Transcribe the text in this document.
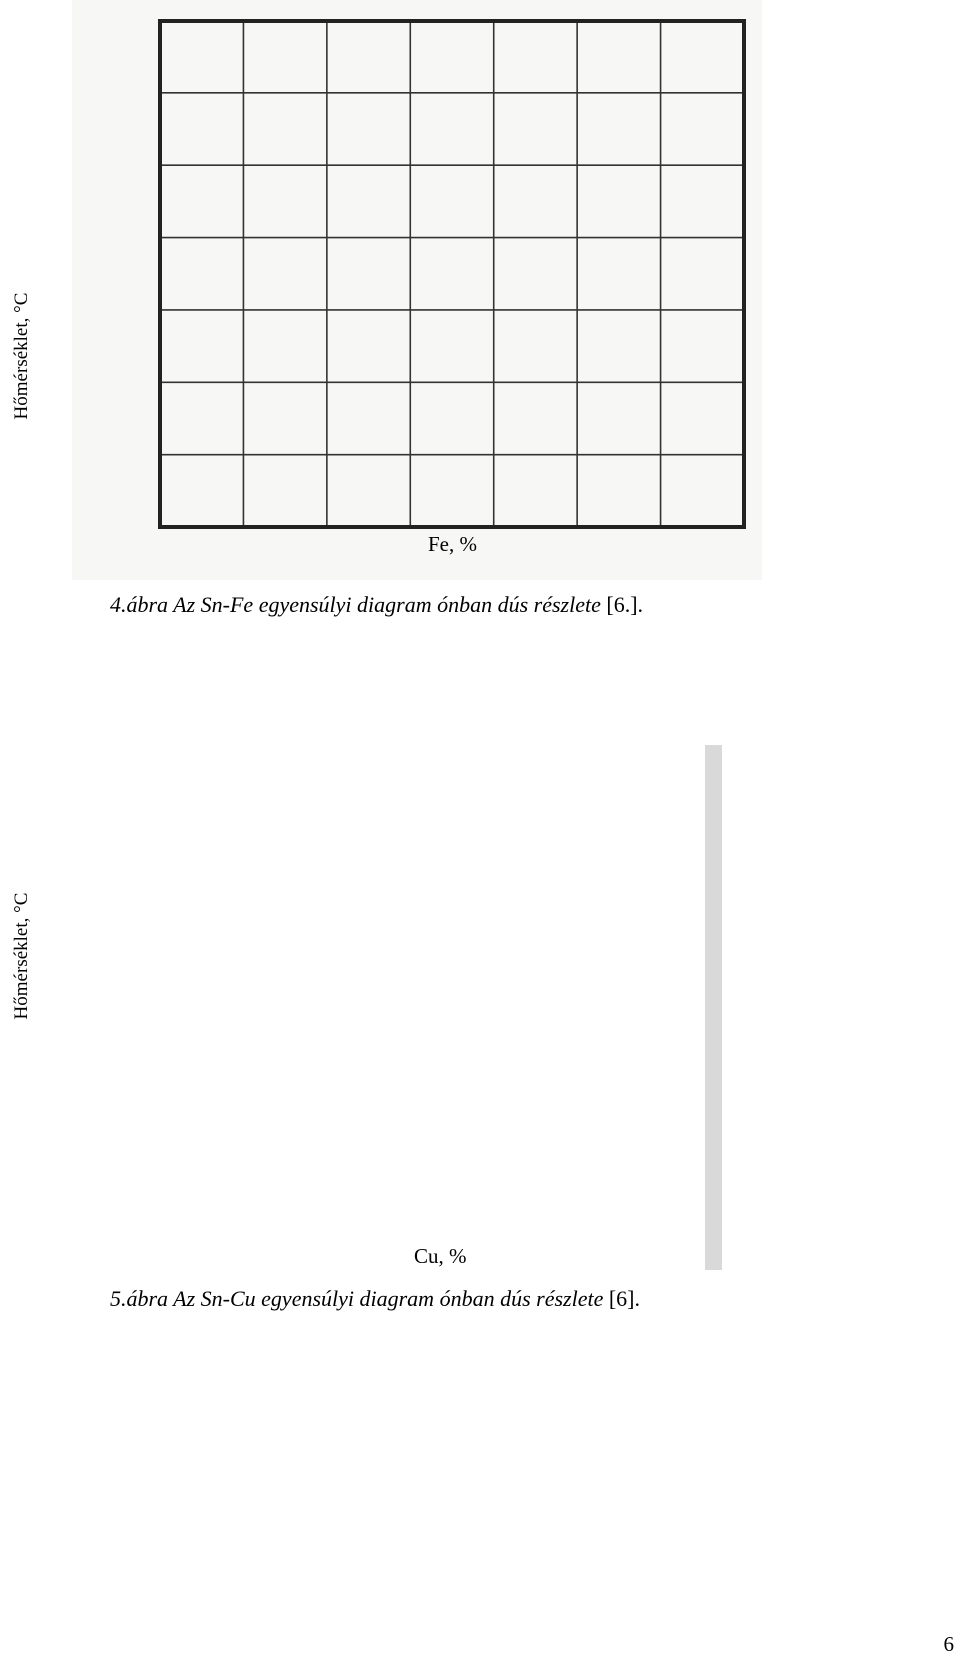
Hőmérséklet, °C
Fe, %
4.ábra Az Sn-Fe egyensúlyi diagram ónban dús részlete [6.].
Hőmérséklet, °C
Cu, %
5.ábra Az Sn-Cu egyensúlyi diagram ónban dús részlete [6].
6
